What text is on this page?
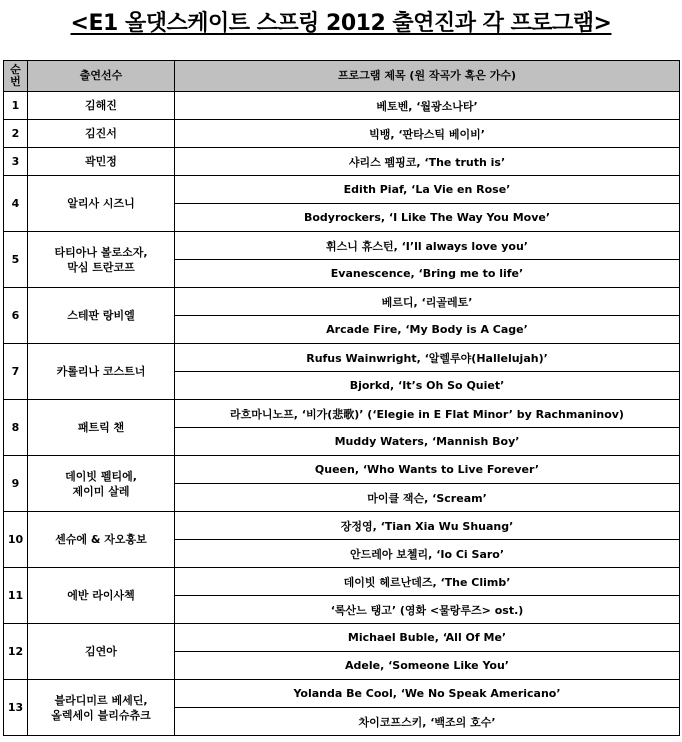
<E1 올댓스케이트 스프링 2012 출연진과 각 프로그램>
순
번	출연선수	프로그램 제목 (원 작곡가 혹은 가수)
1	김해진	베토벤, ‘월광소나타’
2	김진서	빅뱅, ‘판타스틱 베이비’
3	곽민정	샤리스 펨핑코, ‘The truth is’
4	알리사 시즈니	Edith Piaf, ‘La Vie en Rose’
		Bodyrockers, ‘I Like The Way You Move’
5	타티아나 볼로소자,
막심 트란코프	휘스니 휴스턴, ‘I’ll always love you’
		Evanescence, ‘Bring me to life’
6	스테판 랑비엘	베르디, ‘리골레토’
		Arcade Fire, ‘My Body is A Cage’
7	카롤리나 코스트너	Rufus Wainwright, ‘알렐루야(Hallelujah)’
		Bjorkd, ‘It’s Oh So Quiet’
8	패트릭 챈	라흐마니노프, ‘비가(悲歌)’ (‘Elegie in E Flat Minor’ by Rachmaninov)
		Muddy Waters, ‘Mannish Boy’
9	데이빗 펠티에,
제이미 살레	Queen, ‘Who Wants to Live Forever’
		마이클 잭슨, ‘Scream’
10	센슈에 & 자오홍보	장정영, ‘Tian Xia Wu Shuang’
		안드레아 보첼리, ‘Io Ci Saro’
11	에반 라이사첵	데이빗 헤르난데즈, ‘The Climb’
		‘록산느 탱고’ (영화 <물랑루즈> ost.)
12	김연아	Michael Buble, ‘All Of Me’
		Adele, ‘Someone Like You’
13	블라디미르 베세딘,
올렉세이 블리슈츄크	Yolanda Be Cool, ‘We No Speak Americano’
		차이코프스키, ‘백조의 호수’
